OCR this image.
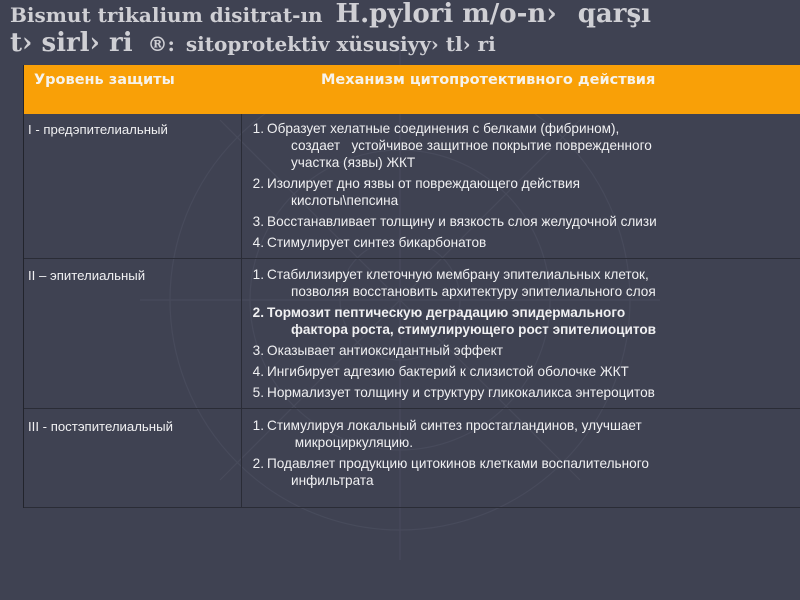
Bismut trikalium disitrat-ın H.pylori m/o-n› qarşı
t› sirl› ri ®: sitoprotektiv xüsusiyy› tl› ri
Уровень защиты	Механизм цитопротективного действия
I - предэпителиальный	1. Образует хелатные соединения с белками (фибрином),
создает   устойчивое защитное покрытие поврежденного
участка (язвы) ЖКТ
2. Изолирует дно язвы от повреждающего действия
кислоты\пепсина
3. Восстанавливает толщину и вязкость слоя желудочной слизи
4. Стимулирует синтез бикарбонатов
II – эпителиальный	1. Стабилизирует клеточную мембрану эпителиальных клеток,
позволяя восстановить архитектуру эпителиального слоя
2. Тормозит пептическую деградацию эпидермального
фактора роста, стимулирующего рост эпителиоцитов
3. Оказывает антиоксидантный эффект
4. Ингибирует адгезию бактерий к слизистой оболочке ЖКТ
5. Нормализует толщину и структуру гликокаликса энтероцитов
III - постэпителиальный	1. Стимулируя локальный синтез простагландинов, улучшает
микроциркуляцию.
2. Подавляет продукцию цитокинов клетками воспалительного
инфильтрата
